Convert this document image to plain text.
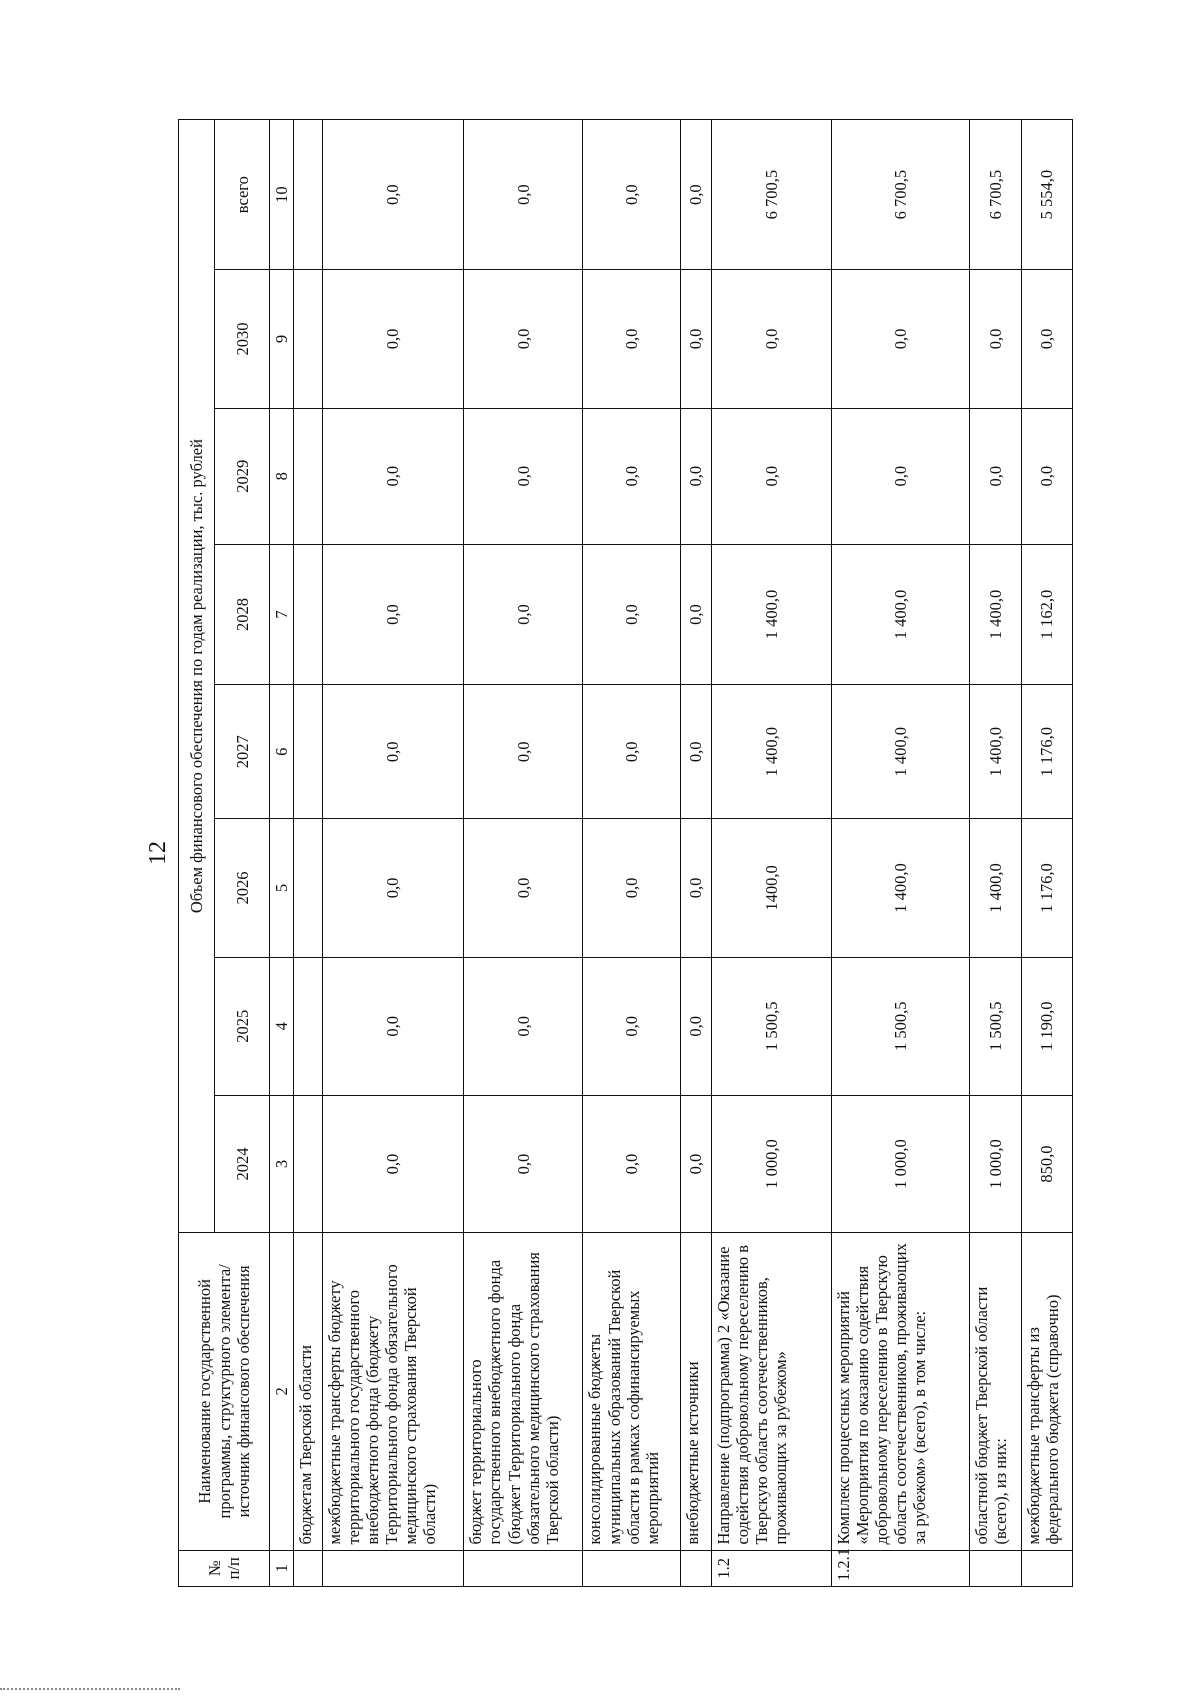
12
№ п/п	Наименование государственной программы, структурного элемента/источник финансового обеспечения	Объем финансового обеспечения по годам реализации, тыс. рублей							
		2024	2025	2026	2027	2028	2029	2030	всего
1	2	3	4	5	6	7	8	9	10
	бюджетам Тверской области								
	межбюджетные трансферты бюджету территориального государственного внебюджетного фонда (бюджету Территориального фонда обязательного медицинского страхования Тверской области)	0,0	0,0	0,0	0,0	0,0	0,0	0,0	0,0
	бюджет территориального государственного внебюджетного фонда (бюджет Территориального фонда обязательного медицинского страхования Тверской области)	0,0	0,0	0,0	0,0	0,0	0,0	0,0	0,0
	консолидированные бюджеты муниципальных образований Тверской области в рамках софинансируемых мероприятий	0,0	0,0	0,0	0,0	0,0	0,0	0,0	0,0
	внебюджетные источники	0,0	0,0	0,0	0,0	0,0	0,0	0,0	0,0
1.2	Направление (подпрограмма) 2 «Оказание содействия добровольному переселению в Тверскую область соотечественников, проживающих за рубежом»	1 000,0	1 500,5	1400,0	1 400,0	1 400,0	0,0	0,0	6 700,5
1.2.1	Комплекс процессных мероприятий «Мероприятия по оказанию содействия добровольному переселению в Тверскую область соотечественников, проживающих за рубежом» (всего), в том числе:	1 000,0	1 500,5	1 400,0	1 400,0	1 400,0	0,0	0,0	6 700,5
	областной бюджет Тверской области (всего), из них:	1 000,0	1 500,5	1 400,0	1 400,0	1 400,0	0,0	0,0	6 700,5
	межбюджетные трансферты из федерального бюджета (справочно)	850,0	1 190,0	1 176,0	1 176,0	1 162,0	0,0	0,0	5 554,0
